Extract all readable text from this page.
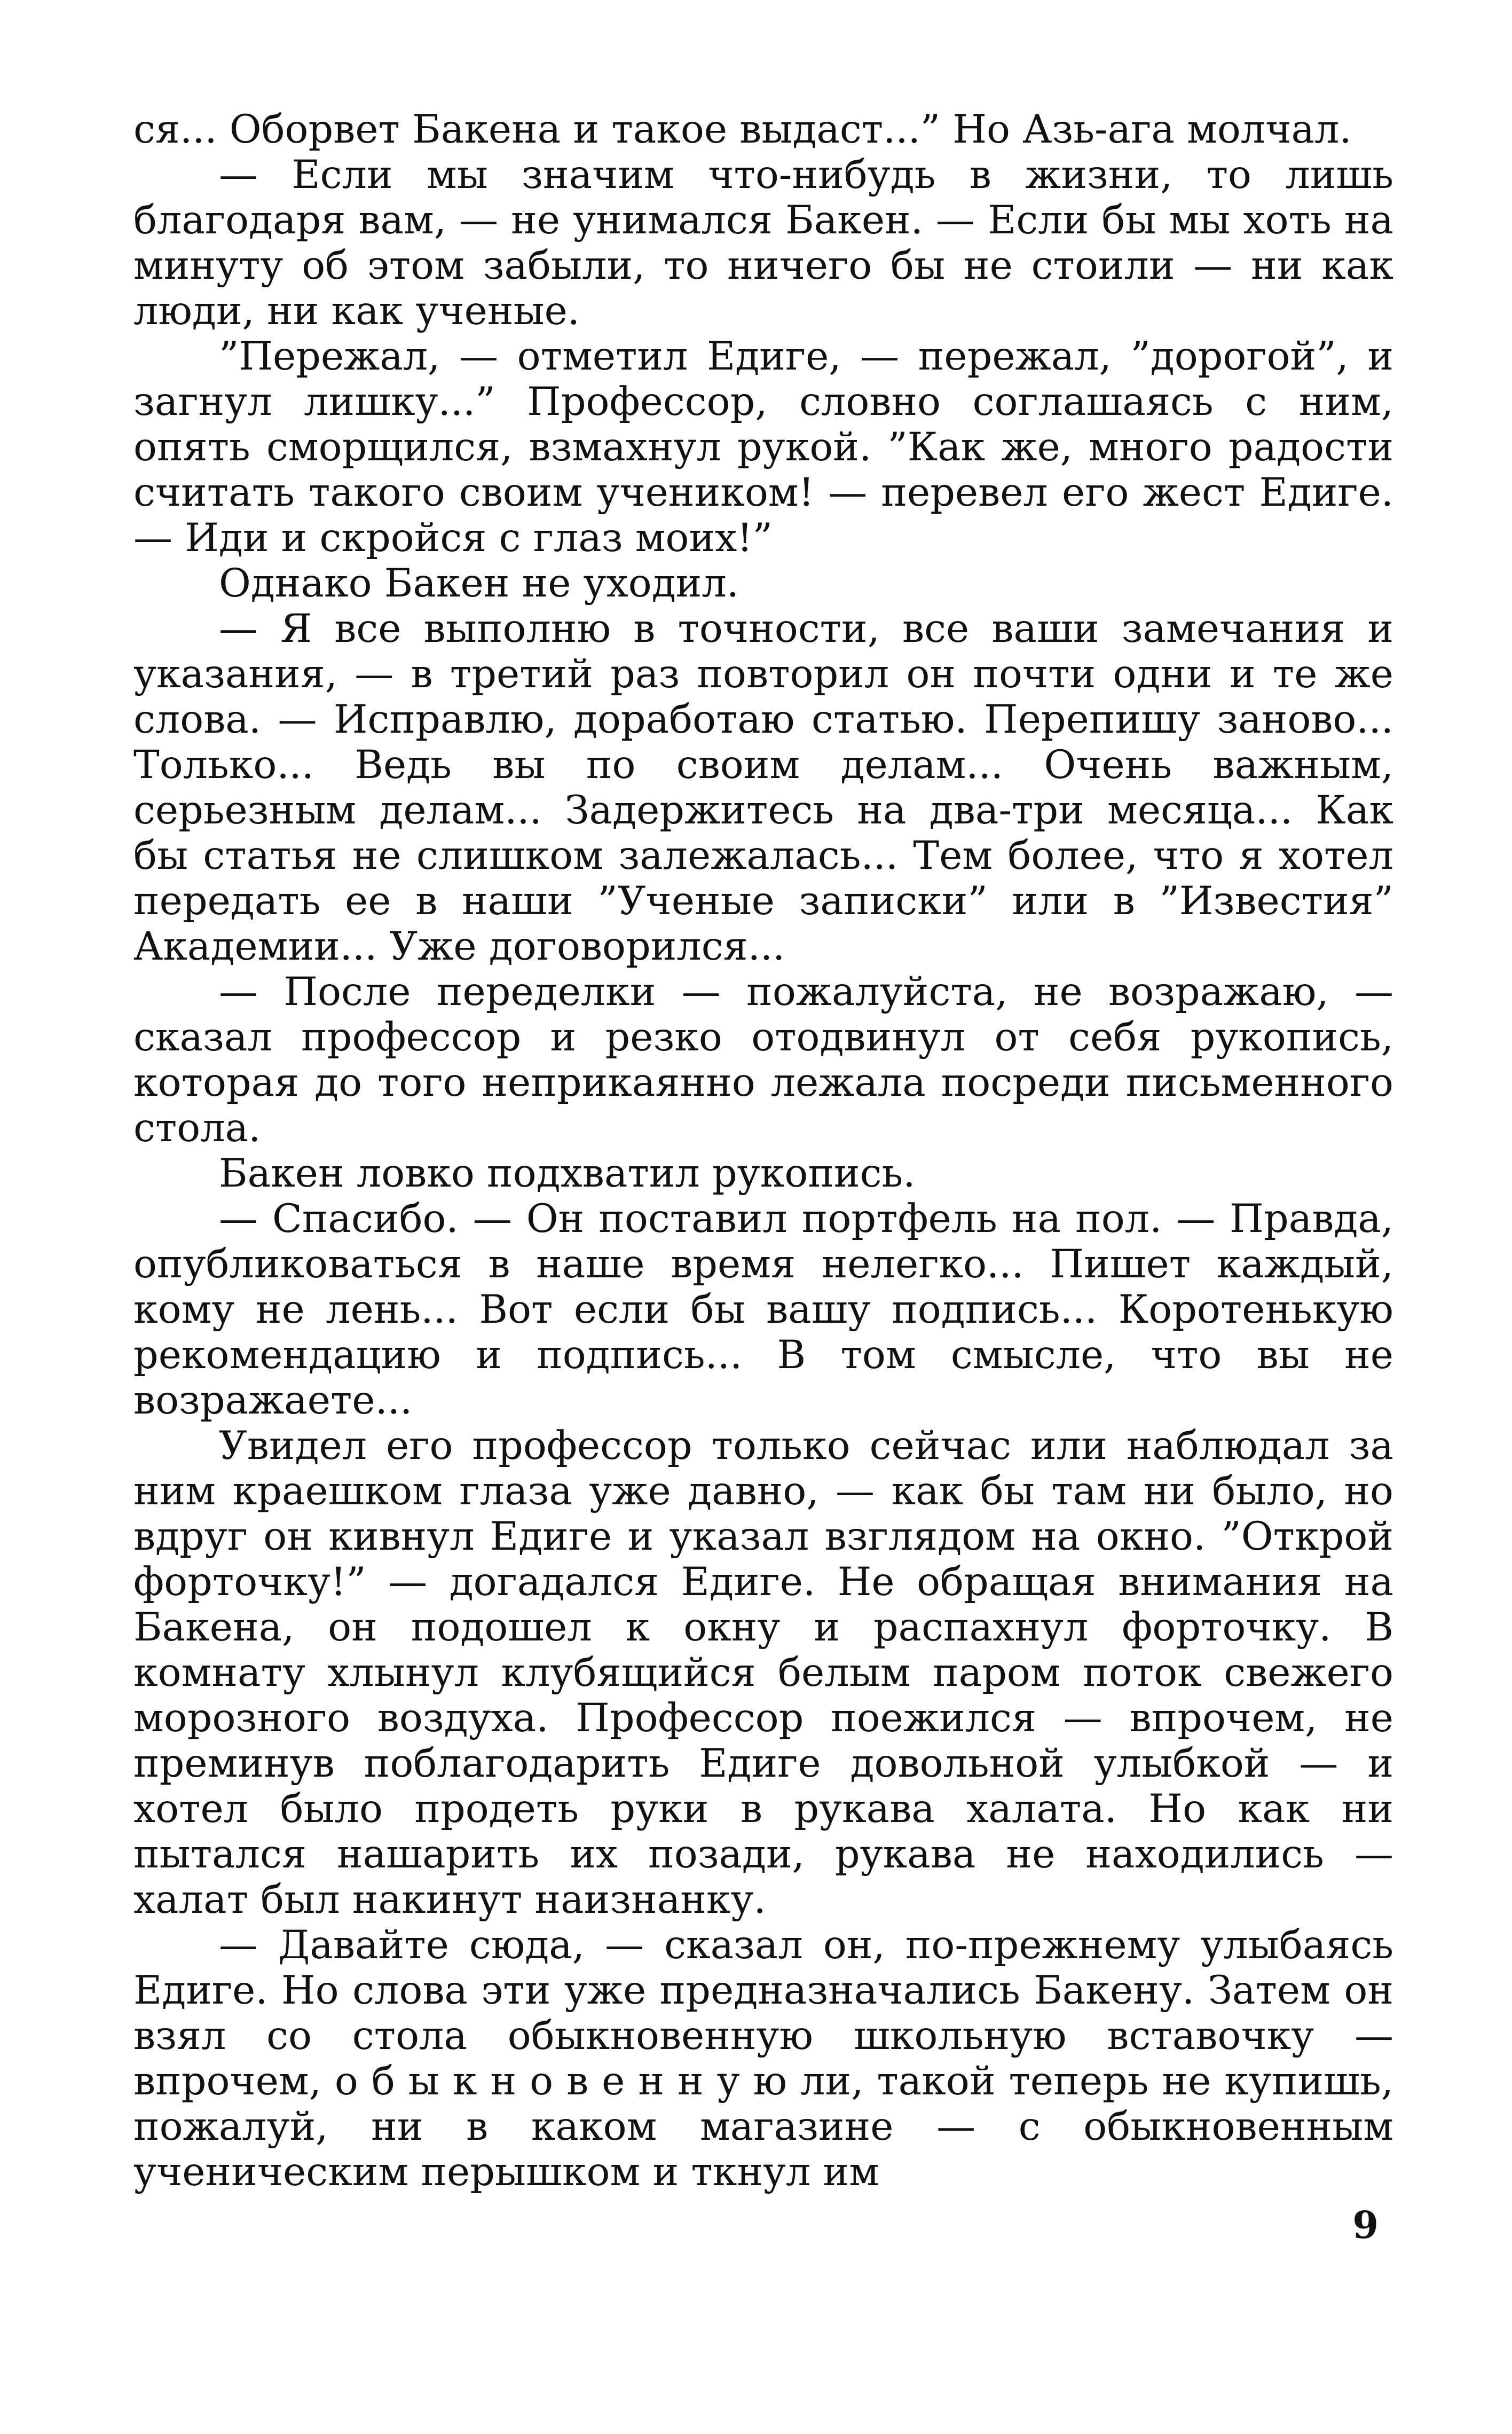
ся... Оборвет Бакена и такое выдаст...” Но Азь-ага молчал.

— Если мы значим что-нибудь в жизни, то лишь благодаря вам, — не унимался Бакен. — Если бы мы хоть на минуту об этом забыли, то ничего бы не стоили — ни как люди, ни как ученые.

”Пережал, — отметил Едиге, — пережал, ”дорогой”, и загнул лишку...” Профессор, словно соглашаясь с ним, опять сморщился, взмахнул рукой. ”Как же, много радости считать такого своим учеником! — перевел его жест Едиге. — Иди и скройся с глаз моих!”

Однако Бакен не уходил.

— Я все выполню в точности, все ваши замечания и указания, — в третий раз повторил он почти одни и те же слова. — Исправлю, доработаю статью. Перепишу заново... Только... Ведь вы по своим делам... Очень важным, серьезным делам... Задержитесь на два-три месяца... Как бы статья не слишком залежалась... Тем более, что я хотел передать ее в наши ”Ученые записки” или в ”Известия” Академии... Уже договорился...

— После переделки — пожалуйста, не возражаю, — сказал профессор и резко отодвинул от себя рукопись, которая до того неприкаянно лежала посреди письменного стола.

Бакен ловко подхватил рукопись.

— Спасибо. — Он поставил портфель на пол. — Правда, опубликоваться в наше время нелегко... Пишет каждый, кому не лень... Вот если бы вашу подпись... Коротенькую рекомендацию и подпись... В том смысле, что вы не возражаете...

Увидел его профессор только сейчас или наблюдал за ним краешком глаза уже давно, — как бы там ни было, но вдруг он кивнул Едиге и указал взглядом на окно. ”Открой форточку!” — догадался Едиге. Не обращая внимания на Бакена, он подошел к окну и распахнул форточку. В комнату хлынул клубящийся белым паром поток свежего морозного воздуха. Профессор поежился — впрочем, не преминув поблагодарить Едиге довольной улыбкой — и хотел было продеть руки в рукава халата. Но как ни пытался нашарить их позади, рукава не находились — халат был накинут наизнанку.

— Давайте сюда, — сказал он, по-прежнему улыбаясь Едиге. Но слова эти уже предназначались Бакену. Затем он взял со стола обыкновенную школьную вставочку — впрочем, о б ы к н о в е н н у ю ли, такой теперь не купишь, пожалуй, ни в каком магазине — с обыкновенным ученическим перышком и ткнул им

9
